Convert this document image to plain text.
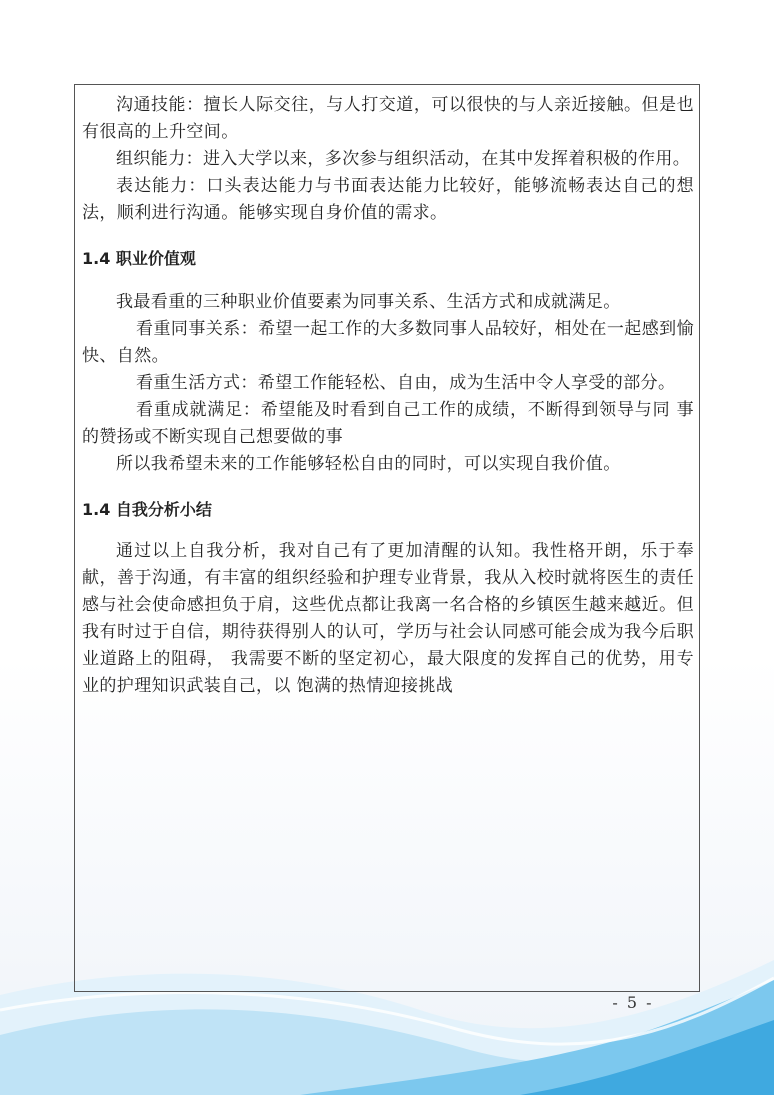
沟通技能：擅长人际交往，与人打交道，可以很快的与人亲近接触。但是也有很高的上升空间。

组织能力：进入大学以来，多次参与组织活动，在其中发挥着积极的作用。

表达能力：口头表达能力与书面表达能力比较好，能够流畅表达自己的想法，顺利进行沟通。能够实现自身价值的需求。

1.4 职业价值观

我最看重的三种职业价值要素为同事关系、生活方式和成就满足。

看重同事关系：希望一起工作的大多数同事人品较好，相处在一起感到愉快、自然。

看重生活方式：希望工作能轻松、自由，成为生活中令人享受的部分。

看重成就满足：希望能及时看到自己工作的成绩，不断得到领导与同 事的赞扬或不断实现自己想要做的事

所以我希望未来的工作能够轻松自由的同时，可以实现自我价值。

1.4 自我分析小结

通过以上自我分析，我对自己有了更加清醒的认知。我性格开朗，乐于奉献，善于沟通，有丰富的组织经验和护理专业背景，我从入校时就将医生的责任感与社会使命感担负于肩，这些优点都让我离一名合格的乡镇医生越来越近。但我有时过于自信，期待获得别人的认可，学历与社会认同感可能会成为我今后职业道路上的阻碍， 我需要不断的坚定初心，最大限度的发挥自己的优势，用专业的护理知识武装自己，以 饱满的热情迎接挑战

- 5 -
